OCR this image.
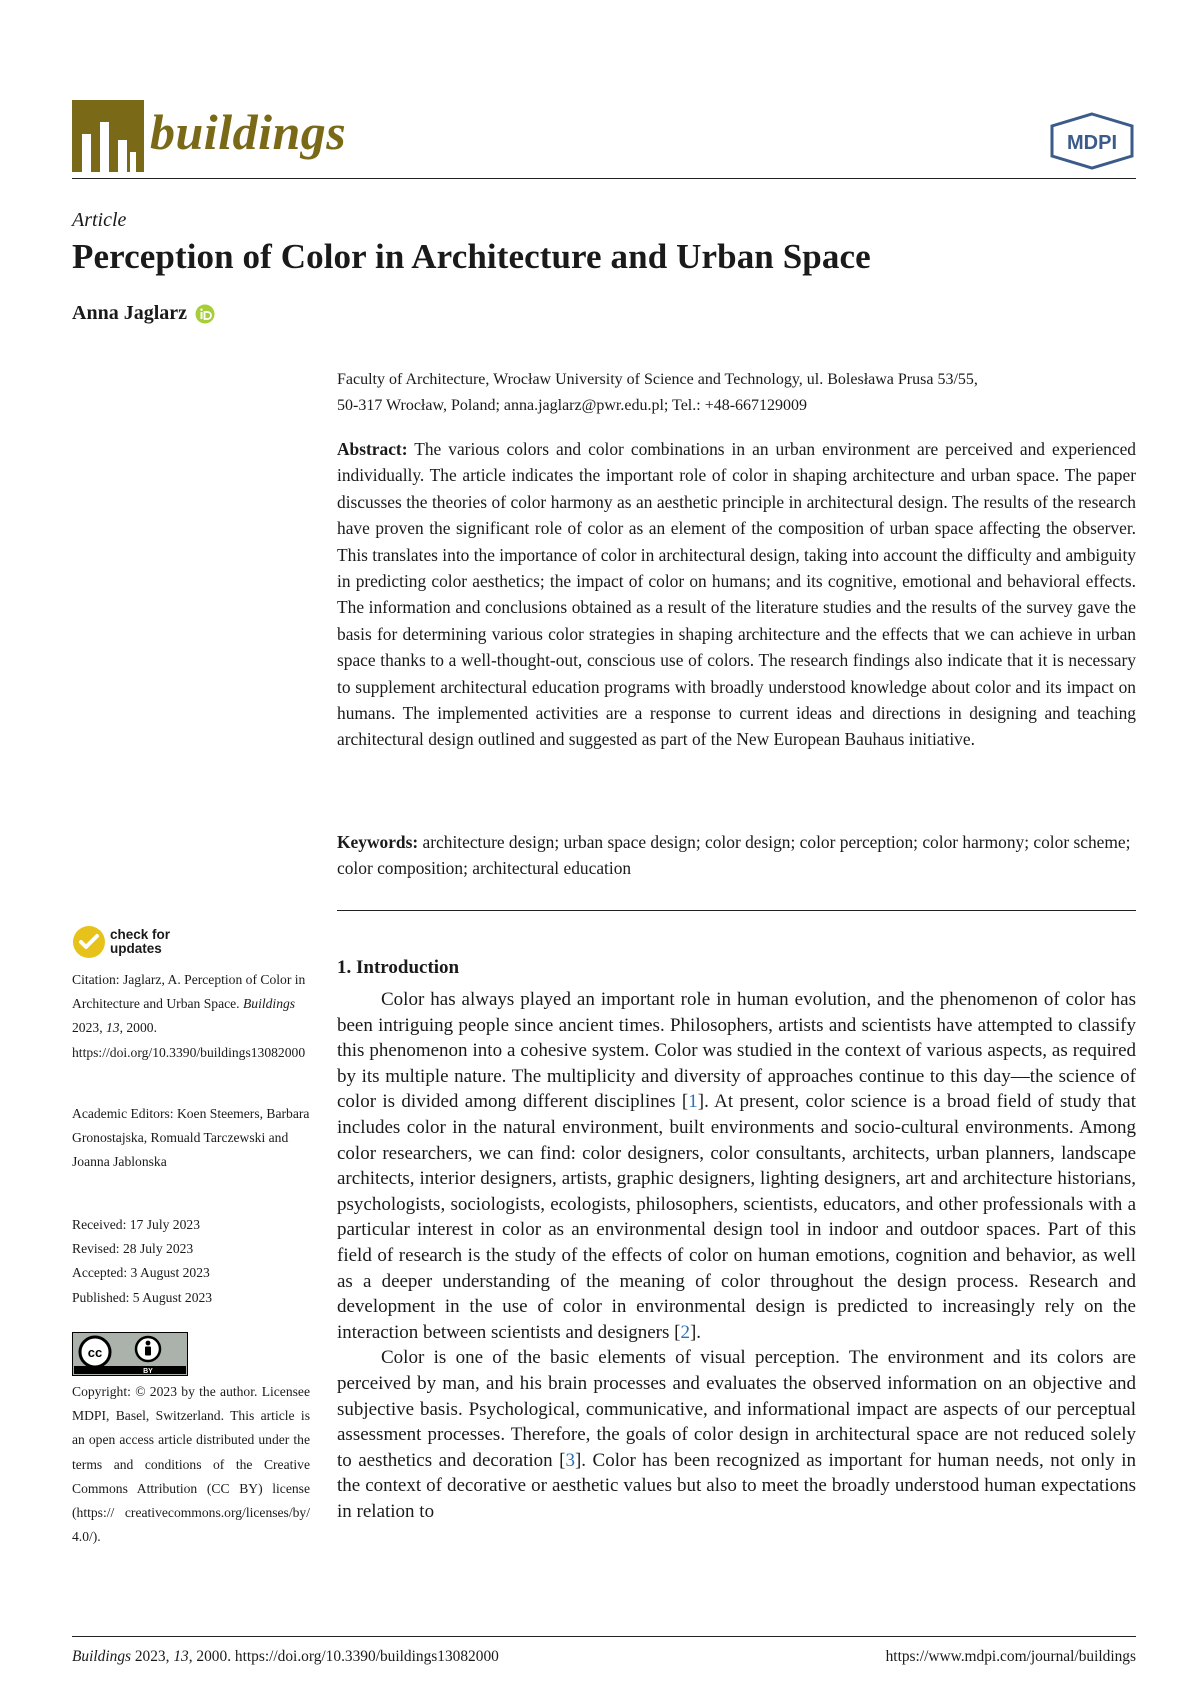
buildings	MDPI
Article
Perception of Color in Architecture and Urban Space
Anna Jaglarz
Faculty of Architecture, Wrocław University of Science and Technology, ul. Bolesława Prusa 53/55,
50-317 Wrocław, Poland; anna.jaglarz@pwr.edu.pl; Tel.: +48-667129009

Abstract: The various colors and color combinations in an urban environment are perceived and experienced individually. The article indicates the important role of color in shaping architecture and urban space. The paper discusses the theories of color harmony as an aesthetic principle in architectural design. The results of the research have proven the significant role of color as an element of the composition of urban space affecting the observer. This translates into the importance of color in architectural design, taking into account the difficulty and ambiguity in predicting color aesthetics; the impact of color on humans; and its cognitive, emotional and behavioral effects. The information and conclusions obtained as a result of the literature studies and the results of the survey gave the basis for determining various color strategies in shaping architecture and the effects that we can achieve in urban space thanks to a well-thought-out, conscious use of colors. The research findings also indicate that it is necessary to supplement architectural education programs with broadly understood knowledge about color and its impact on humans. The implemented activities are a response to current ideas and directions in designing and teaching architectural design outlined and suggested as part of the New European Bauhaus initiative.

Keywords: architecture design; urban space design; color design; color perception; color harmony; color scheme; color composition; architectural education

1. Introduction

Color has always played an important role in human evolution, and the phenomenon of color has been intriguing people since ancient times. Philosophers, artists and scientists have attempted to classify this phenomenon into a cohesive system. Color was studied in the context of various aspects, as required by its multiple nature. The multiplicity and diversity of approaches continue to this day—the science of color is divided among different disciplines [1]. At present, color science is a broad field of study that includes color in the natural environment, built environments and socio-cultural environments. Among color researchers, we can find: color designers, color consultants, architects, urban planners, landscape architects, interior designers, artists, graphic designers, lighting designers, art and architecture historians, psychologists, sociologists, ecologists, philosophers, scientists, educators, and other professionals with a particular interest in color as an environmental design tool in indoor and outdoor spaces. Part of this field of research is the study of the effects of color on human emotions, cognition and behavior, as well as a deeper understanding of the meaning of color throughout the design process. Research and development in the use of color in environmental design is predicted to increasingly rely on the interaction between scientists and designers [2].

Color is one of the basic elements of visual perception. The environment and its colors are perceived by man, and his brain processes and evaluates the observed information on an objective and subjective basis. Psychological, communicative, and informational impact are aspects of our perceptual assessment processes. Therefore, the goals of color design in architectural space are not reduced solely to aesthetics and decoration [3]. Color has been recognized as important for human needs, not only in the context of decorative or aesthetic values but also to meet the broadly understood human expectations in relation to

check for
updates
Citation: Jaglarz, A. Perception of Color in Architecture and Urban Space. Buildings 2023, 13, 2000. https://doi.org/10.3390/buildings13082000
Academic Editors: Koen Steemers, Barbara Gronostajska, Romuald Tarczewski and Joanna Jablonska
Received: 17 July 2023
Revised: 28 July 2023
Accepted: 3 August 2023
Published: 5 August 2023
cc
BY
Copyright: © 2023 by the author. Licensee MDPI, Basel, Switzerland. This article is an open access article distributed under the terms and conditions of the Creative Commons Attribution (CC BY) license (https:// creativecommons.org/licenses/by/ 4.0/).
Buildings 2023, 13, 2000. https://doi.org/10.3390/buildings13082000	https://www.mdpi.com/journal/buildings
